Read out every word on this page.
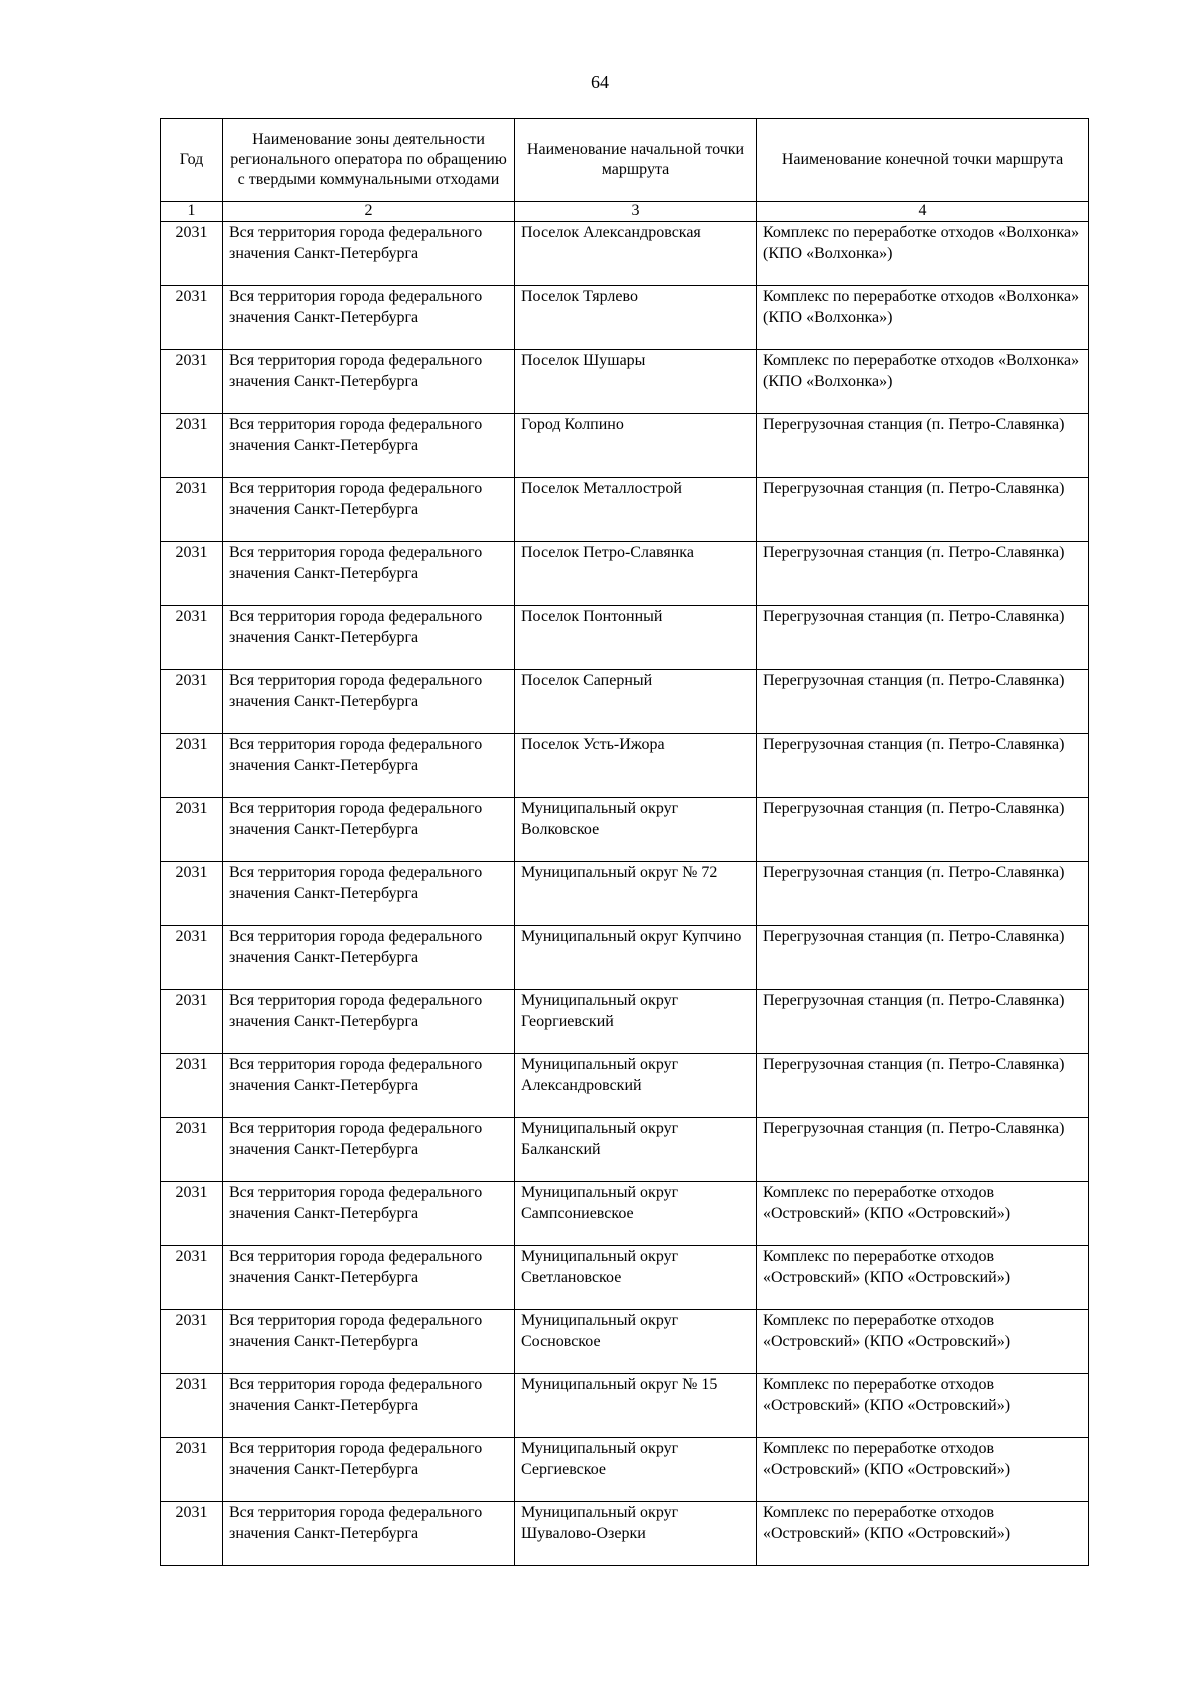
64
Год	Наименование зоны деятельности регионального оператора по обращению с твердыми коммунальными отходами	Наименование начальной точки маршрута	Наименование конечной точки маршрута
1	2	3	4
2031	Вся территория города федерального значения Санкт-Петербурга	Поселок Александровская	Комплекс по переработке отходов «Волхонка» (КПО «Волхонка»)
2031	Вся территория города федерального значения Санкт-Петербурга	Поселок Тярлево	Комплекс по переработке отходов «Волхонка» (КПО «Волхонка»)
2031	Вся территория города федерального значения Санкт-Петербурга	Поселок Шушары	Комплекс по переработке отходов «Волхонка» (КПО «Волхонка»)
2031	Вся территория города федерального значения Санкт-Петербурга	Город Колпино	Перегрузочная станция (п. Петро-Славянка)
2031	Вся территория города федерального значения Санкт-Петербурга	Поселок Металлострой	Перегрузочная станция (п. Петро-Славянка)
2031	Вся территория города федерального значения Санкт-Петербурга	Поселок Петро-Славянка	Перегрузочная станция (п. Петро-Славянка)
2031	Вся территория города федерального значения Санкт-Петербурга	Поселок Понтонный	Перегрузочная станция (п. Петро-Славянка)
2031	Вся территория города федерального значения Санкт-Петербурга	Поселок Саперный	Перегрузочная станция (п. Петро-Славянка)
2031	Вся территория города федерального значения Санкт-Петербурга	Поселок Усть-Ижора	Перегрузочная станция (п. Петро-Славянка)
2031	Вся территория города федерального значения Санкт-Петербурга	Муниципальный округ Волковское	Перегрузочная станция (п. Петро-Славянка)
2031	Вся территория города федерального значения Санкт-Петербурга	Муниципальный округ № 72	Перегрузочная станция (п. Петро-Славянка)
2031	Вся территория города федерального значения Санкт-Петербурга	Муниципальный округ Купчино	Перегрузочная станция (п. Петро-Славянка)
2031	Вся территория города федерального значения Санкт-Петербурга	Муниципальный округ Георгиевский	Перегрузочная станция (п. Петро-Славянка)
2031	Вся территория города федерального значения Санкт-Петербурга	Муниципальный округ Александровский	Перегрузочная станция (п. Петро-Славянка)
2031	Вся территория города федерального значения Санкт-Петербурга	Муниципальный округ Балканский	Перегрузочная станция (п. Петро-Славянка)
2031	Вся территория города федерального значения Санкт-Петербурга	Муниципальный округ Сампсониевское	Комплекс по переработке отходов «Островский» (КПО «Островский»)
2031	Вся территория города федерального значения Санкт-Петербурга	Муниципальный округ Светлановское	Комплекс по переработке отходов «Островский» (КПО «Островский»)
2031	Вся территория города федерального значения Санкт-Петербурга	Муниципальный округ Сосновское	Комплекс по переработке отходов «Островский» (КПО «Островский»)
2031	Вся территория города федерального значения Санкт-Петербурга	Муниципальный округ № 15	Комплекс по переработке отходов «Островский» (КПО «Островский»)
2031	Вся территория города федерального значения Санкт-Петербурга	Муниципальный округ Сергиевское	Комплекс по переработке отходов «Островский» (КПО «Островский»)
2031	Вся территория города федерального значения Санкт-Петербурга	Муниципальный округ Шувалово-Озерки	Комплекс по переработке отходов «Островский» (КПО «Островский»)
